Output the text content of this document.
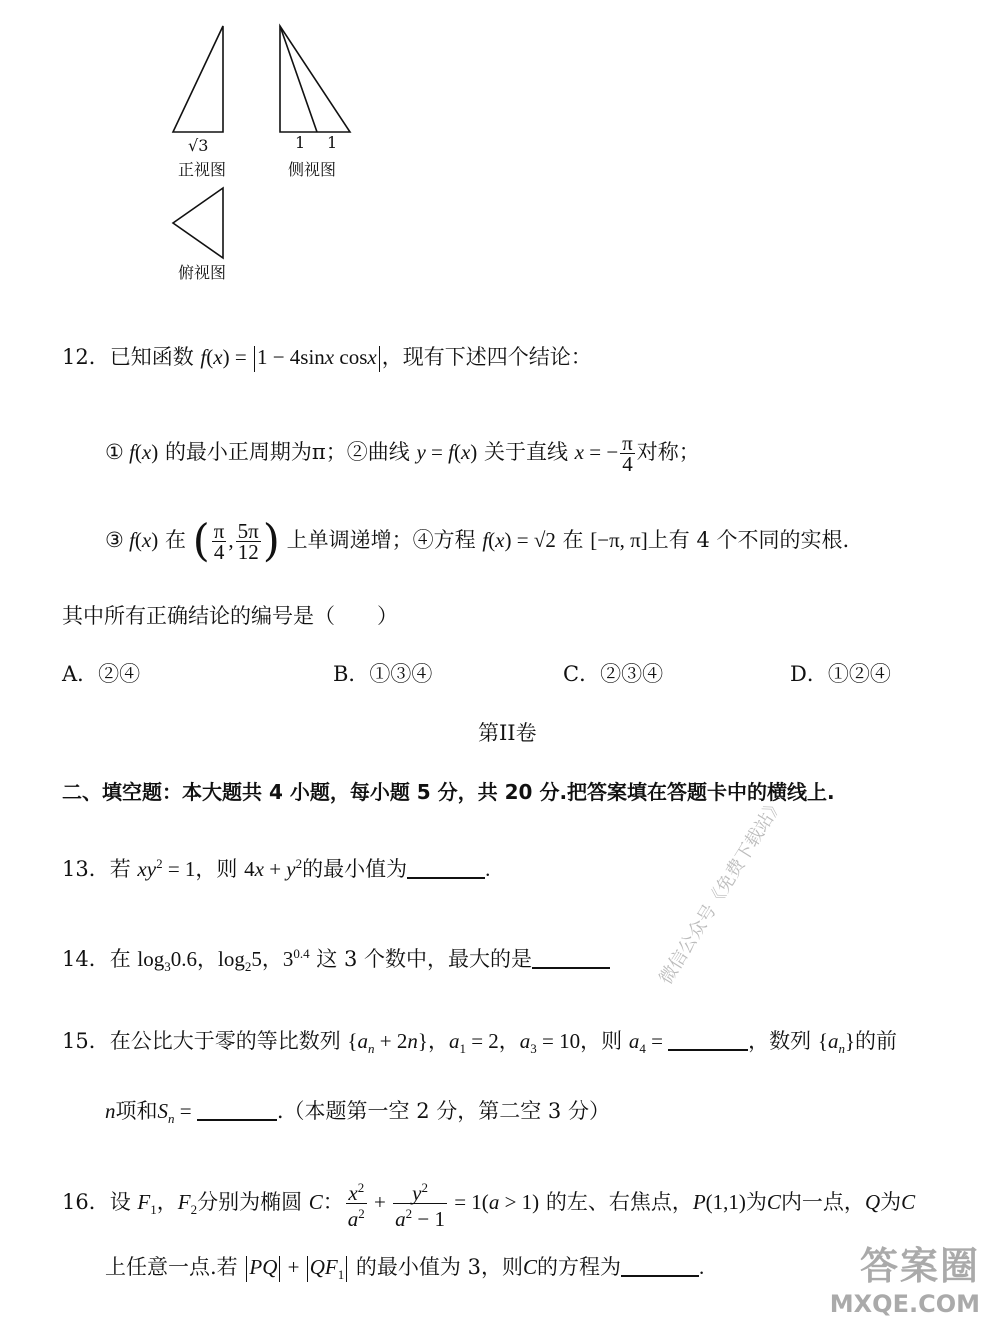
√3	1 1
正视图	侧视图
俯视图
12．已知函数 f(x) = 1 − 4sinx cosx ，现有下述四个结论：
① f(x) 的最小正周期为π；②曲线 y = f(x) 关于直线 x = − $\frac{\pi}{4}$ 对称；
③ f(x) 在 ( $\frac{\pi}{4}$ , $\frac{5\pi}{12}$ ) 上单调递增；④方程 f(x) = √2 在 [−π, π]上有 4 个不同的实根.
其中所有正确结论的编号是（　　）
A．②④	B．①③④	C．②③④	D．①②④
第II卷
二、填空题：本大题共 4 小题，每小题 5 分，共 20 分.把答案填在答题卡中的横线上.
13．若 $xy^2 = 1$，则 $4x + y^2$的最小值为	.
14．在 $\log_30.6$，$\log_25$，$3^{0.4}$ 这 3 个数中，最大的是
15．在公比大于零的等比数列 $\{a_n + 2n\}$，$a_1 = 2$，$a_3 = 10$，则 $a_4$ =	，数列 $\{a_n\}$的前
n项和$S_n$ =	.（本题第一空 2 分，第二空 3 分）
16．设 $F_1$，$F_2$分别为椭圆 C： $\frac{x^2}{a^2} + \frac{y^2}{a^2 - 1} = 1(a > 1)$ 的左、右焦点，P(1,1)为C内一点，Q为C
上任意一点.若 PQ + $QF_1$ 的最小值为 3，则C的方程为	.
微信公众号《免费下载站》
答案圈
MXQE.COM
